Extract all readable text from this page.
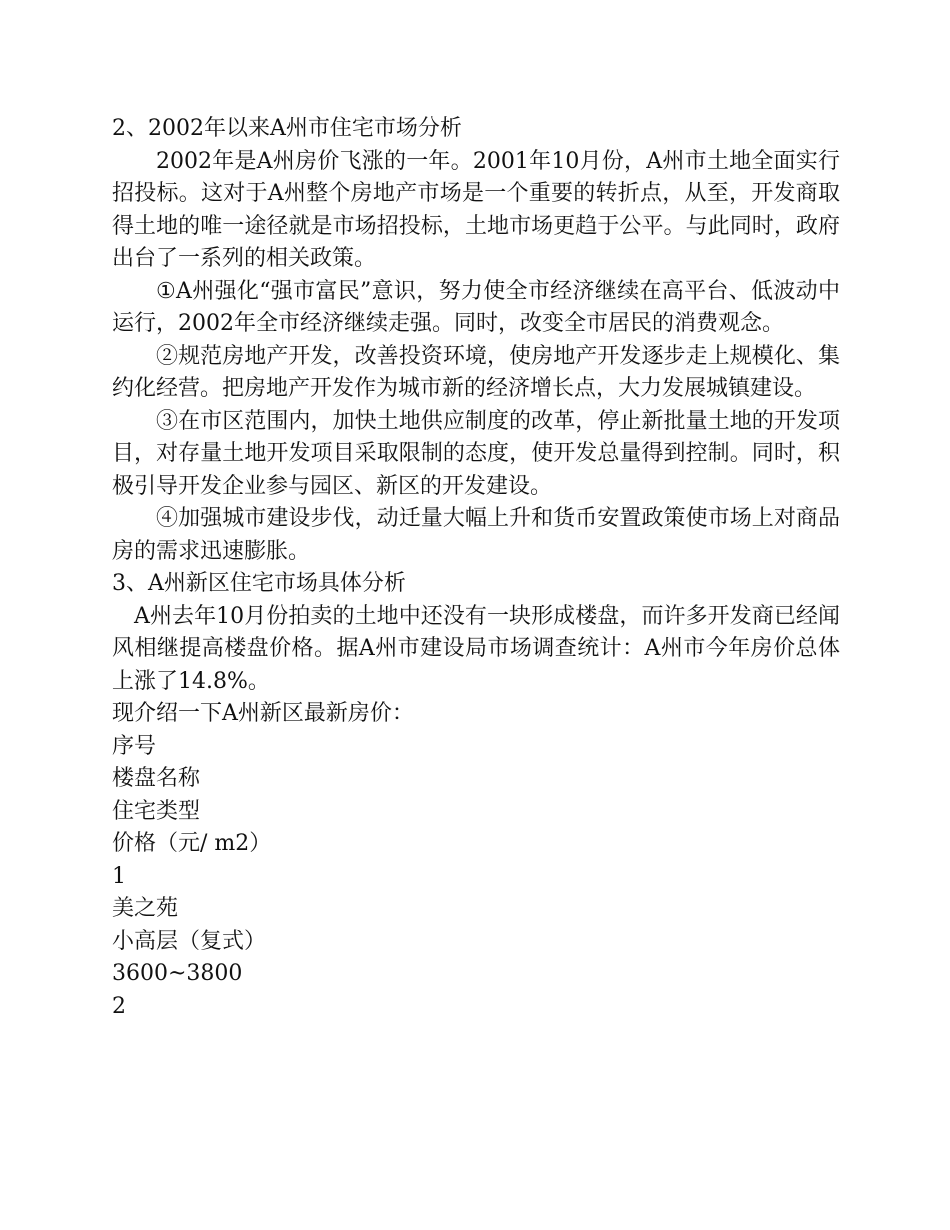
2、2002年以来A州市住宅市场分析

2002年是A州房价飞涨的一年。2001年10月份，A州市土地全面实行招投标。这对于A州整个房地产市场是一个重要的转折点，从至，开发商取得土地的唯一途径就是市场招投标，土地市场更趋于公平。与此同时，政府出台了一系列的相关政策。

①A州强化“强市富民”意识，努力使全市经济继续在高平台、低波动中运行，2002年全市经济继续走强。同时，改变全市居民的消费观念。

②规范房地产开发，改善投资环境，使房地产开发逐步走上规模化、集约化经营。把房地产开发作为城市新的经济增长点，大力发展城镇建设。

③在市区范围内，加快土地供应制度的改革，停止新批量土地的开发项目，对存量土地开发项目采取限制的态度，使开发总量得到控制。同时，积极引导开发企业参与园区、新区的开发建设。

④加强城市建设步伐，动迁量大幅上升和货币安置政策使市场上对商品房的需求迅速膨胀。

3、A州新区住宅市场具体分析

A州去年10月份拍卖的土地中还没有一块形成楼盘，而许多开发商已经闻风相继提高楼盘价格。据A州市建设局市场调查统计：A州市今年房价总体上涨了14.8%。

现介绍一下A州新区最新房价：

序号
楼盘名称
住宅类型
价格（元/ m2）
1
美之苑
小高层（复式）
3600~3800
2
